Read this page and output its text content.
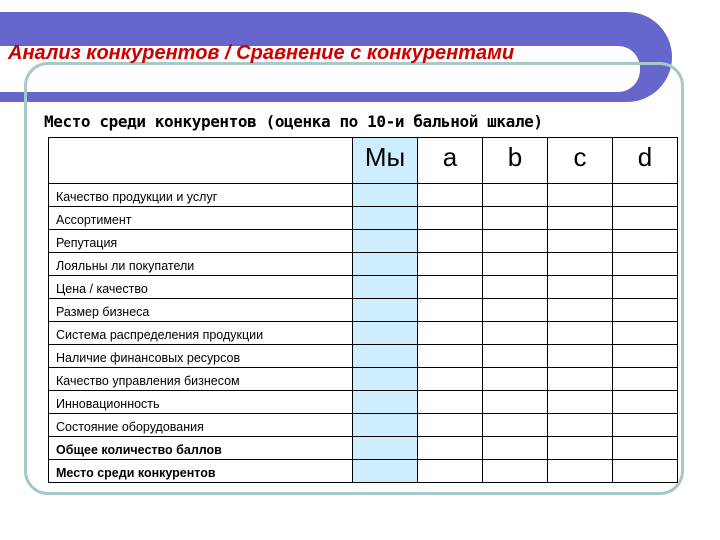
Анализ конкурентов / Сравнение с конкурентами
Место среди конкурентов (оценка по 10-и бальной шкале)
	Мы	a	b	c	d
Качество продукции и услуг					
Ассортимент					
Репутация					
Лояльны ли покупатели					
Цена / качество					
Размер бизнеса					
Система распределения продукции					
Наличие финансовых ресурсов					
Качество управления бизнесом					
Инновационность					
Состояние оборудования					
Общее количество баллов					
Место среди конкурентов					
